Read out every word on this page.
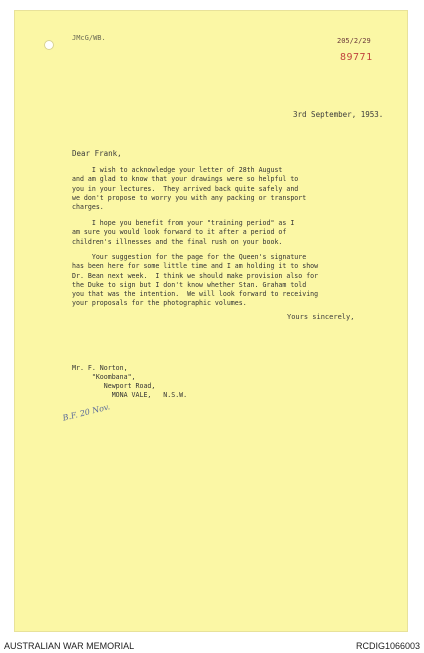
JMcG/WB.	205/2/29
89771
3rd September, 1953.
Dear Frank,
I wish to acknowledge your letter of 28th August
and am glad to know that your drawings were so helpful to
you in your lectures.  They arrived back quite safely and
we don't propose to worry you with any packing or transport
charges.
I hope you benefit from your "training period" as I
am sure you would look forward to it after a period of
children's illnesses and the final rush on your book.
Your suggestion for the page for the Queen's signature
has been here for some little time and I am holding it to show
Dr. Bean next week.  I think we should make provision also for
the Duke to sign but I don't know whether Stan. Graham told
you that was the intention.  We will look forward to receiving
your proposals for the photographic volumes.
Yours sincerely,
Mr. F. Norton,
"Koombana",
Newport Road,
MONA VALE,   N.S.W.
B.F. 20 Nov.
AUSTRALIAN WAR MEMORIAL	RCDIG1066003
